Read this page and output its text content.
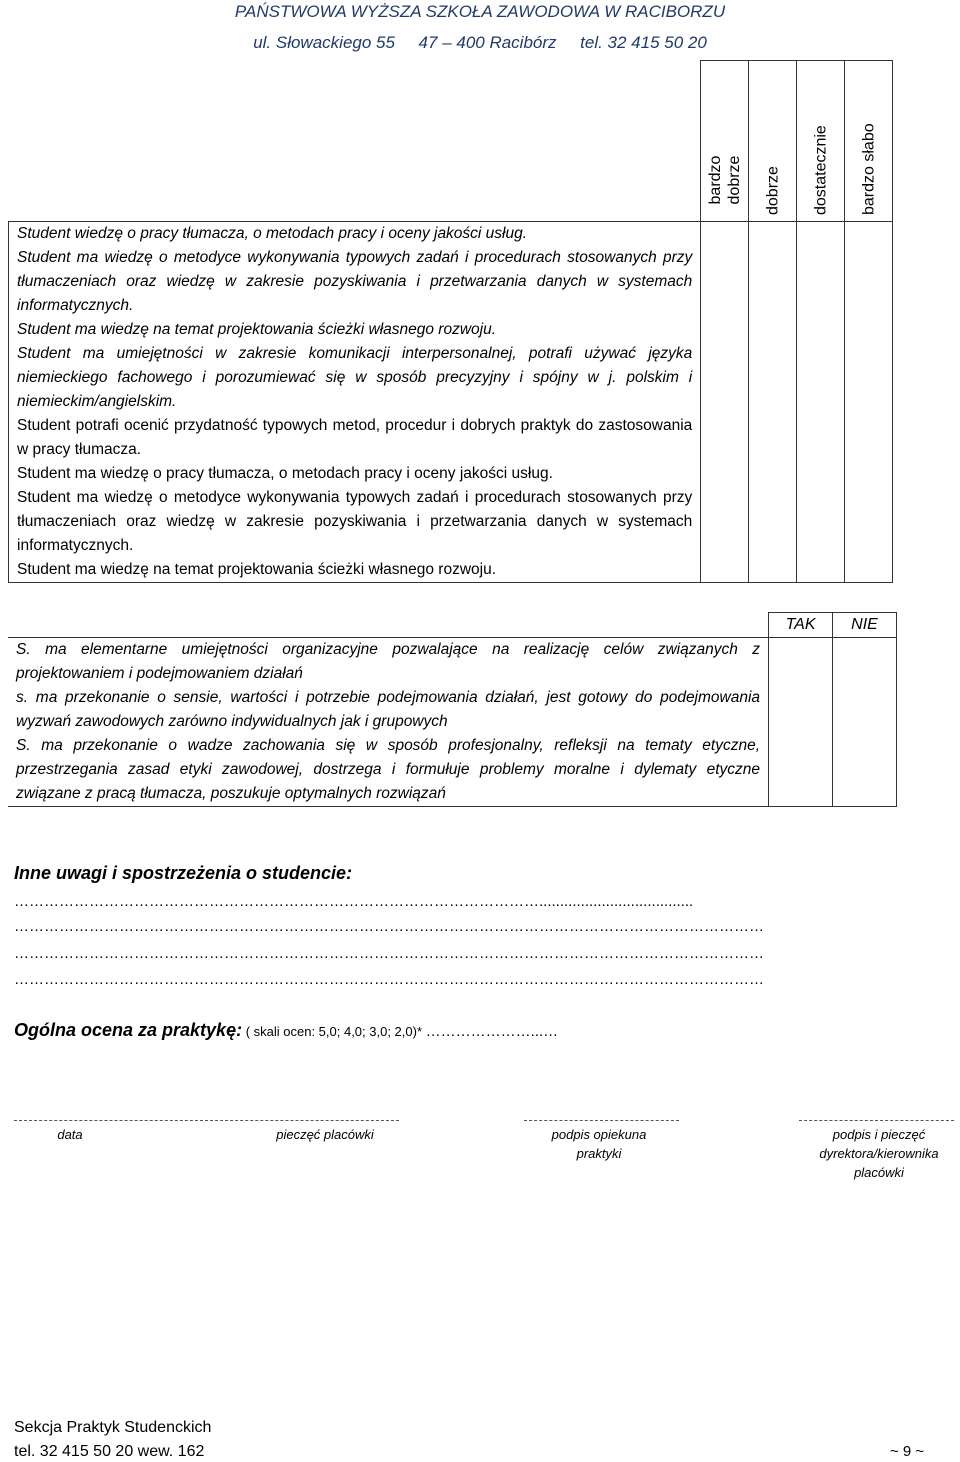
PAŃSTWOWA WYŻSZA SZKOŁA ZAWODOWA W RACIBORZU
ul. Słowackiego 55     47 – 400 Racibórz     tel. 32 415 50 20

	bardzo dobrze	dobrze	dostatecznie	bardzo słabo

Student wiedzę o pracy tłumacza, o metodach pracy i oceny jakości usług.				
Student ma wiedzę o metodyce wykonywania typowych zadań i procedurach stosowanych przy tłumaczeniach oraz wiedzę w zakresie pozyskiwania i przetwarzania danych w systemach informatycznych.				
Student ma wiedzę na temat projektowania ścieżki własnego rozwoju.				
Student ma umiejętności w zakresie komunikacji interpersonalnej, potrafi używać języka niemieckiego fachowego i porozumiewać się w sposób precyzyjny i spójny w j. polskim i niemieckim/angielskim.				
Student potrafi ocenić przydatność typowych metod, procedur i dobrych praktyk do zastosowania w pracy tłumacza.				
Student ma wiedzę o pracy tłumacza, o metodach pracy i oceny jakości usług.				
Student ma wiedzę o metodyce wykonywania typowych zadań i procedurach stosowanych przy tłumaczeniach oraz wiedzę w zakresie pozyskiwania i przetwarzania danych w systemach informatycznych.				
Student ma wiedzę na temat projektowania ścieżki własnego rozwoju.				
	TAK	NIE
S. ma elementarne umiejętności organizacyjne pozwalające na realizację celów związanych z projektowaniem i podejmowaniem działań		
s. ma przekonanie o sensie, wartości i potrzebie podejmowania działań, jest gotowy do podejmowania wyzwań zawodowych zarówno indywidualnych jak i grupowych		
S. ma przekonanie o wadze zachowania się w sposób profesjonalny, refleksji na tematy etyczne, przestrzegania zasad etyki zawodowej, dostrzega i formułuje problemy moralne i dylematy etyczne związane z pracą tłumacza, poszukuje optymalnych rozwiązań		
Inne uwagi i spostrzeżenia o studencie:
…………………………………………………………………………………………….....................................
……………………………………………………………………………………………………………………………………
……………………………………………………………………………………………………………………………………
……………………………………………………………………………………………………………………………………
Ogólna ocena za praktykę: ( skali ocen: 5,0; 4,0; 3,0; 2,0)* …………………...…
data	pieczęć placówki	podpis opiekuna praktyki
podpis i pieczęć dyrektora/kierownika placówki
Sekcja Praktyk Studenckich
tel. 32 415 50 20 wew. 162	~ 9 ~
